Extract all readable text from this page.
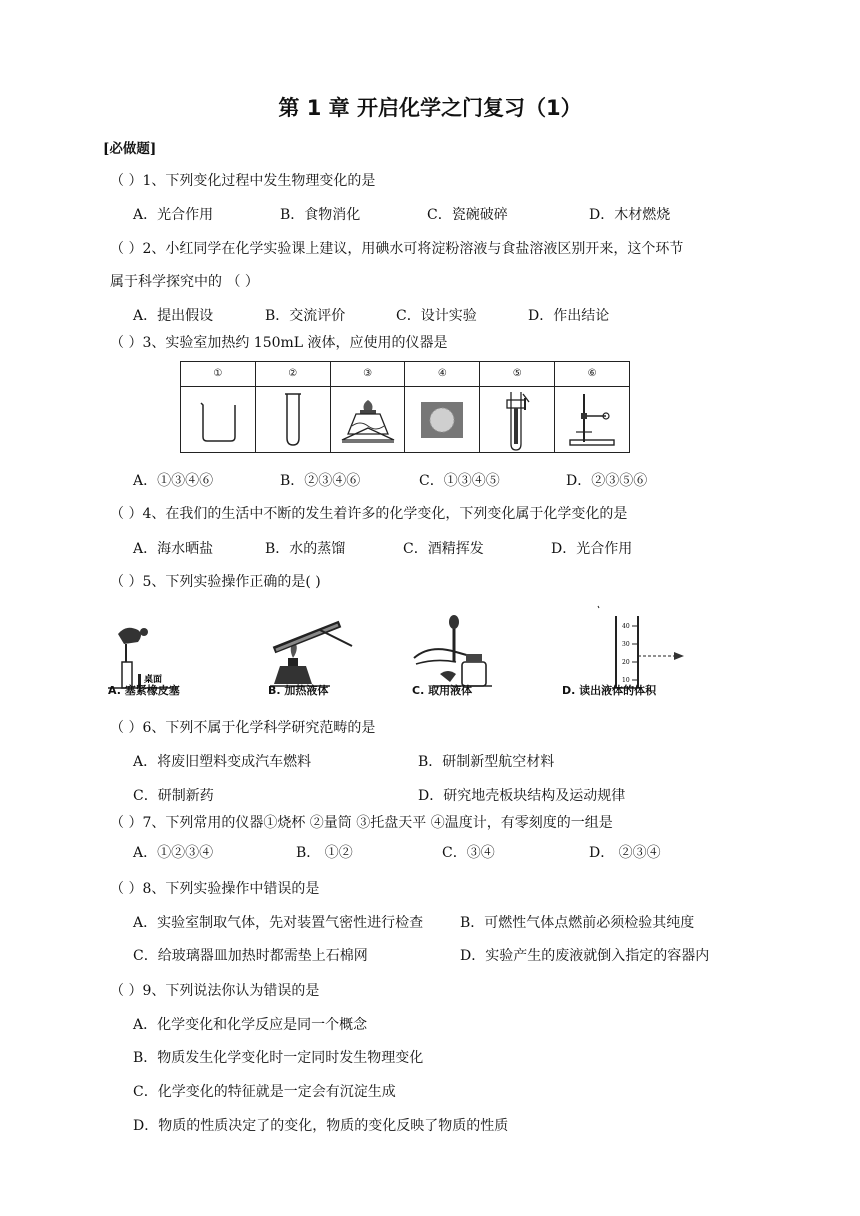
第 1 章 开启化学之门复习（1）
[必做题]
（ ）1、下列变化过程中发生物理变化的是
A．光合作用	B．食物消化	C．瓷碗破碎	D．木材燃烧
（ ）2、小红同学在化学实验课上建议，用碘水可将淀粉溶液与食盐溶液区别开来，这个环节
属于科学探究中的 （ ）
A．提出假设	B．交流评价	C．设计实验	D．作出结论
（ ）3、实验室加热约 150mL 液体，应使用的仪器是
①	②	③	④	⑤	⑥
A．①③④⑥	B．②③④⑥	C．①③④⑤	D．②③⑤⑥
（ ）4、在我们的生活中不断的发生着许多的化学变化，下列变化属于化学变化的是
A．海水晒盐	B．水的蒸馏	C．酒精挥发	D．光合作用
（ ）5、下列实验操作正确的是( )
桌面
40
30
20
10
A. 塞紧橡皮塞	B. 加热液体	C. 取用液体	D. 读出液体的体积
（ ）6、下列不属于化学科学研究范畴的是
A．将废旧塑料变成汽车燃料	B．研制新型航空材料
C．研制新药	D．研究地壳板块结构及运动规律
（ ）7、下列常用的仪器①烧杯 ②量筒 ③托盘天平 ④温度计，有零刻度的一组是
A．①②③④	B． ①②	C．③④	D． ②③④
（ ）8、下列实验操作中错误的是
A．实验室制取气体，先对装置气密性进行检查	B．可燃性气体点燃前必须检验其纯度
C．给玻璃器皿加热时都需垫上石棉网	D．实验产生的废液就倒入指定的容器内
（ ）9、下列说法你认为错误的是
A．化学变化和化学反应是同一个概念
B．物质发生化学变化时一定同时发生物理变化
C．化学变化的特征就是一定会有沉淀生成
D．物质的性质决定了的变化，物质的变化反映了物质的性质
